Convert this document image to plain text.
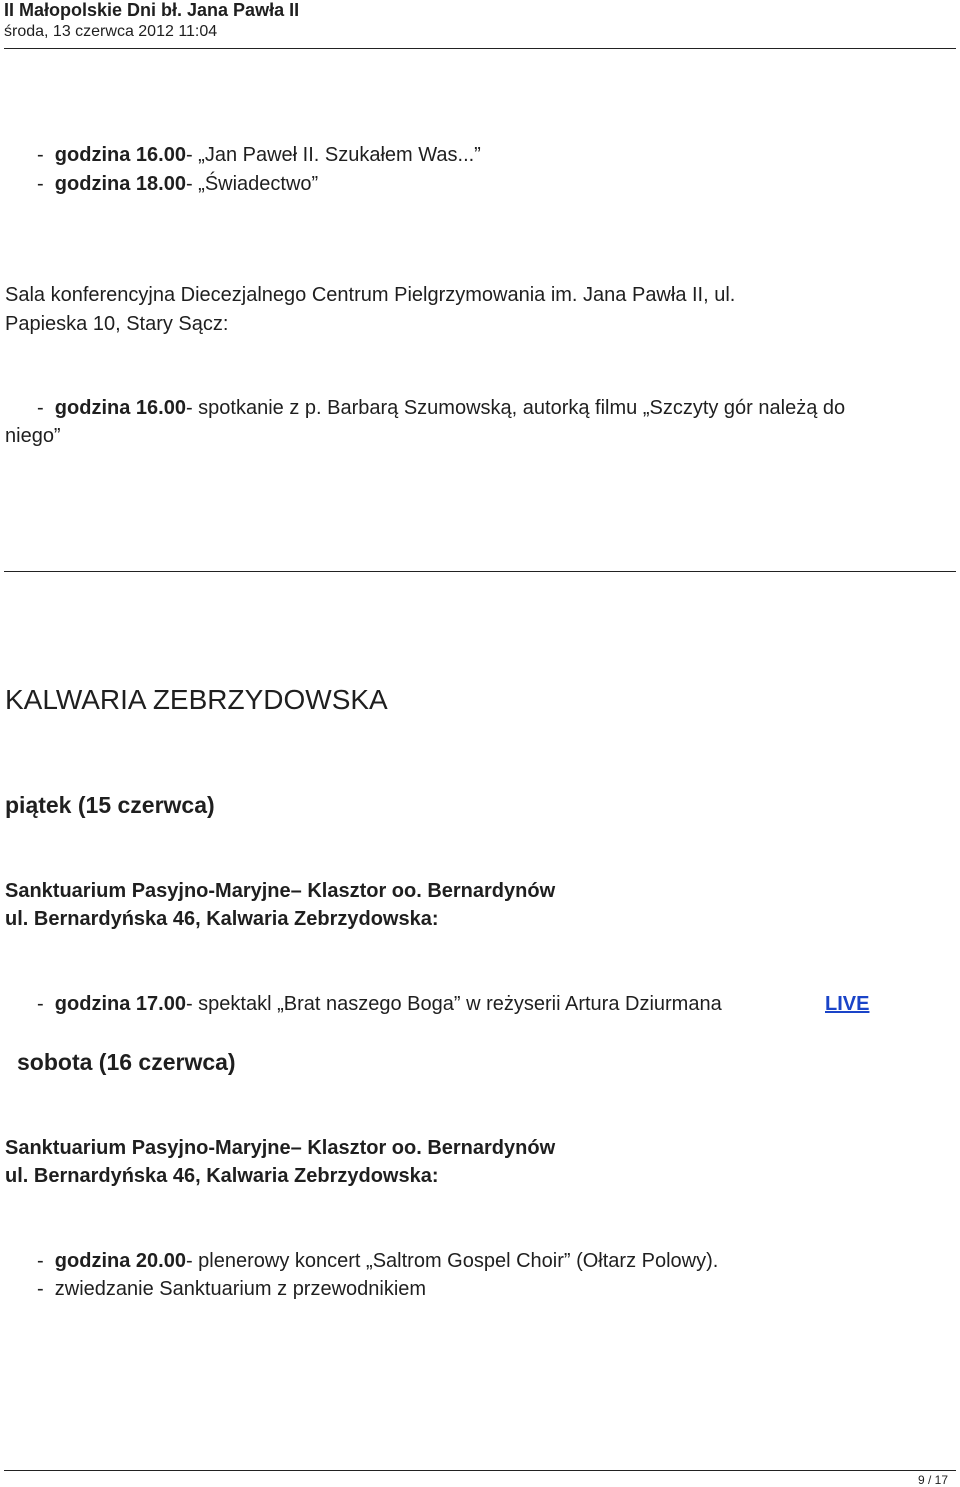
II Małopolskie Dni bł. Jana Pawła II
środa, 13 czerwca 2012 11:04
- godzina 16.00- „Jan Paweł II. Szukałem Was...”
- godzina 18.00- „Świadectwo”
Sala konferencyjna Diecezjalnego Centrum Pielgrzymowania im. Jana Pawła II, ul.
Papieska 10, Stary Sącz:
- godzina 16.00- spotkanie z p. Barbarą Szumowską, autorką filmu „Szczyty gór należą do
niego”
KALWARIA ZEBRZYDOWSKA
piątek (15 czerwca)
Sanktuarium Pasyjno-Maryjne– Klasztor oo. Bernardynów
ul. Bernardyńska 46, Kalwaria Zebrzydowska:
- godzina 17.00- spektakl „Brat naszego Boga” w reżyserii Artura Dziurmana	LIVE
sobota (16 czerwca)
Sanktuarium Pasyjno-Maryjne– Klasztor oo. Bernardynów
ul. Bernardyńska 46, Kalwaria Zebrzydowska:
- godzina 20.00- plenerowy koncert „Saltrom Gospel Choir” (Ołtarz Polowy).
- zwiedzanie Sanktuarium z przewodnikiem
9 / 17
